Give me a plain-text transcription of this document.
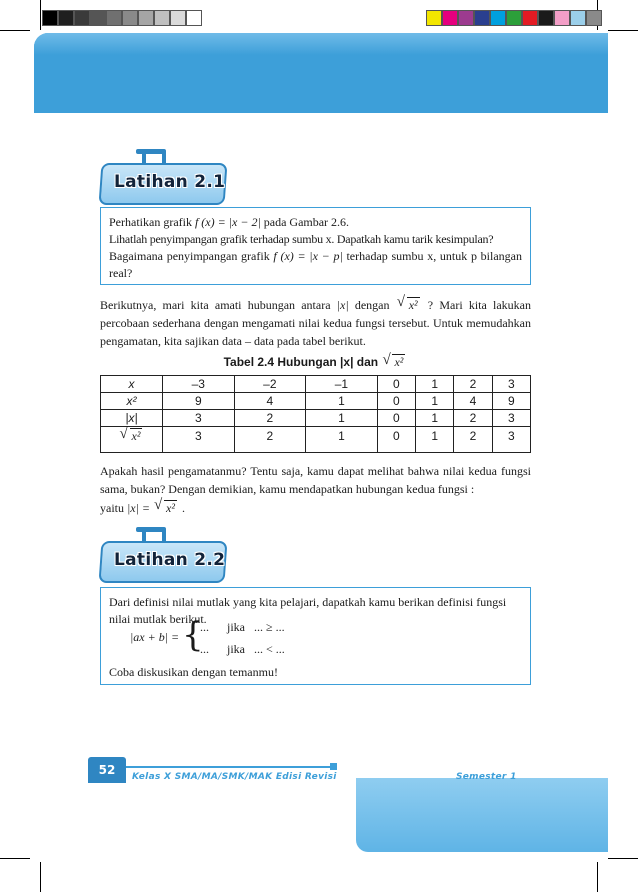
Latihan 2.1

Perhatikan grafik f (x) = |x − 2| pada Gambar 2.6.

Lihatlah penyimpangan grafik terhadap sumbu x. Dapatkah kamu tarik kesimpulan?

Bagaimana penyimpangan grafik f (x) = |x − p| terhadap sumbu x, untuk p bilangan real?

Berikutnya, mari kita amati hubungan antara |x| dengan √ x² ? Mari kita lakukan percobaan sederhana dengan mengamati nilai kedua fungsi tersebut. Untuk memudahkan pengamatan, kita sajikan data – data pada tabel berikut.
Tabel 2.4 Hubungan |x| dan √ x²
x	–3	–2	–1	0	1	2	3
x²	9	4	1	0	1	4	9
|x|	3	2	1	0	1	2	3
√ x²	3	2	1	0	1	2	3
Apakah hasil pengamatanmu? Tentu saja, kamu dapat melihat bahwa nilai kedua fungsi sama, bukan? Dengan demikian, kamu mendapatkan hubungan kedua fungsi :
yaitu |x| = √ x² .
Latihan 2.2

Dari definisi nilai mutlak yang kita pelajari, dapatkah kamu berikan definisi fungsi nilai mutlak berikut.

|ax + b| = {
...      jika   ... ≥ ...
...      jika   ... < ...
Coba diskusikan dengan temanmu!
52	Kelas X SMA/MA/SMK/MAK Edisi Revisi	Semester 1
